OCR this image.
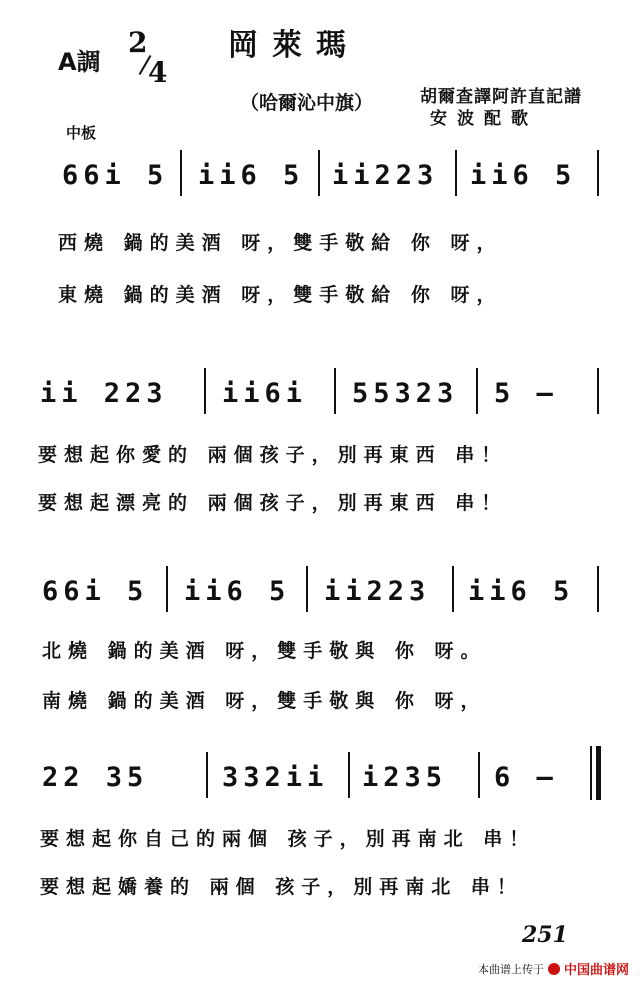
A調
2
4
岡萊瑪
（哈爾沁中旗）	胡爾查譯阿許直記譜
安波配歌
中板
66i 5 ii6 5 ii223 ii6 5
西燒 鍋的美酒 呀，雙手敬給 你 呀，
東燒 鍋的美酒 呀，雙手敬給 你 呀，
ii 223 ii6i 55323 5 —
要想起你愛的 兩個孩子，別再東西 串！
要想起漂亮的 兩個孩子，別再東西 串！
66i 5 ii6 5 ii223 ii6 5
北燒 鍋的美酒 呀，雙手敬與 你 呀。
南燒 鍋的美酒 呀，雙手敬與 你 呀，
22 35	332ii i235 6 —
要想起你自己的兩個 孩子，別再南北 串！
要想起嬌養的 兩個 孩子，別再南北 串！
251
本曲谱上传于 中国曲谱网
